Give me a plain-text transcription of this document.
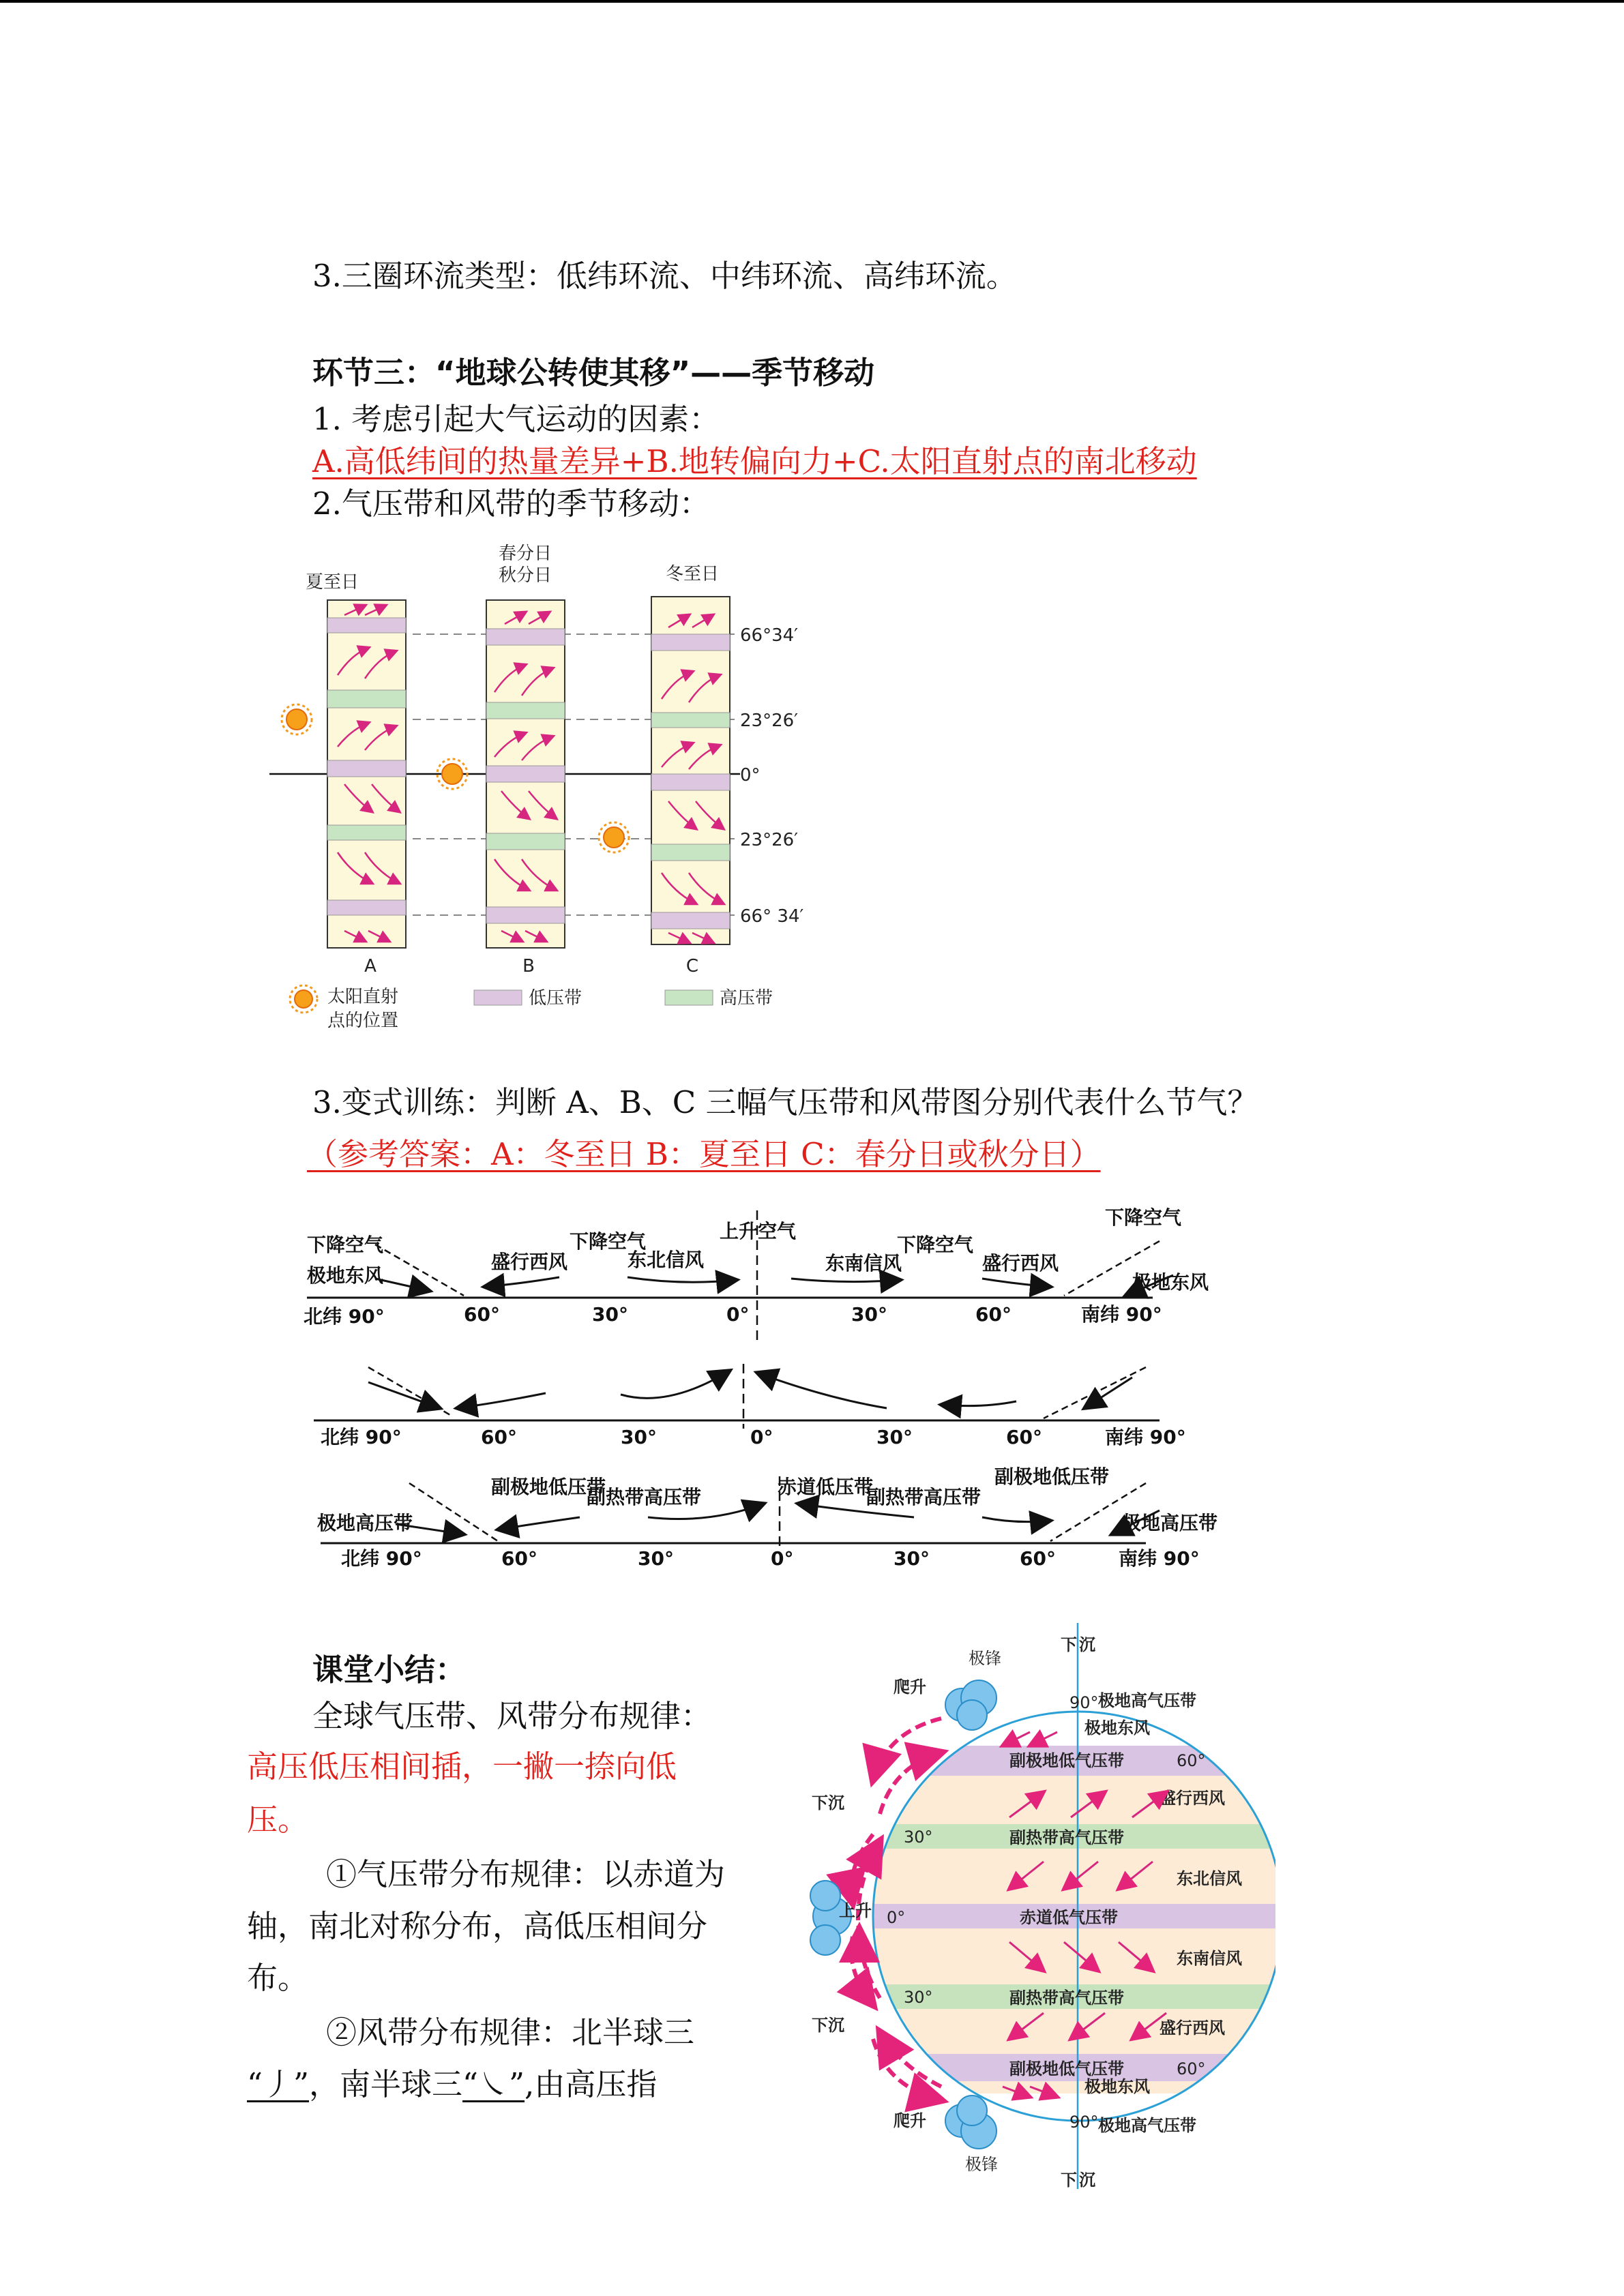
3.三圈环流类型：低纬环流、中纬环流、高纬环流。
环节三：“地球公转使其移”——季节移动
1. 考虑引起大气运动的因素：
A.高低纬间的热量差异+B.地转偏向力+C.太阳直射点的南北移动
2.气压带和风带的季节移动：
夏至日
春分日
秋分日	冬至日
66°34′
23°26′
0°
23°26′
66° 34′
A	B	C
太阳直射
点的位置
低压带	高压带
3.变式训练：判断 A、B、C 三幅气压带和风带图分别代表什么节气？
（参考答案：A：冬至日 B：夏至日 C：春分日或秋分日）
下降空气	下降空气	上升空气
下降空气
下降空气
极地东风
盛行西风	东北信风	东南信风	盛行西风
极地东风
北纬 90°	60°	30°	0°	30°	60°	南纬 90°
北纬 90°	60°	30°	0°	30°	60°	南纬 90°
副极地低压带
副热带高压带	赤道低压带
副热带高压带
副极地低压带
极地高压带	极地高压带
北纬 90°	60°	30°	0°	30°	60°	南纬 90°
课堂小结：
全球气压带、风带分布规律：
高压低压相间插，一撇一捺向低
压。
①气压带分布规律：以赤道为
轴，南北对称分布，高低压相间分
布。
②风带分布规律：北半球三
“丿”，南半球三“㇏”,由高压指
极地高气压带
副极地低气压带
副热带高气压带
赤道低气压带
副热带高气压带
副极地低气压带
极地高气压带
极地东风
盛行西风
东北信风
东南信风
盛行西风
极地东风
90°
60°
30°
0°
30°
60°
90°
下 沉
极锋
爬升
下沉
上升
下沉
爬升
极锋
下 沉
